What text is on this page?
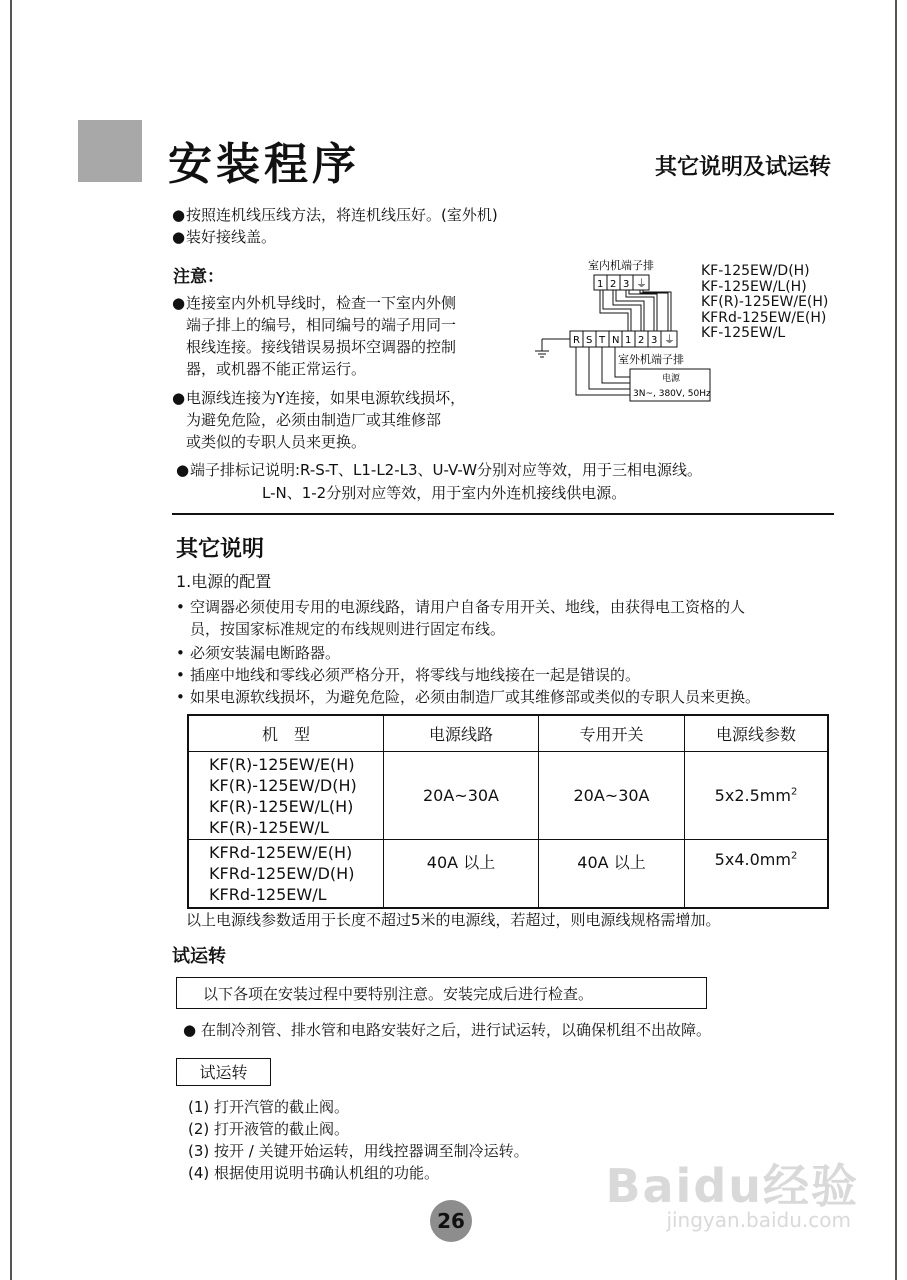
安装程序	其它说明及试运转
●按照连机线压线方法，将连机线压好。(室外机)
●装好接线盖。
注意：
●连接室内外机导线时，检查一下室内外侧
端子排上的编号，相同编号的端子用同一
根线连接。接线错误易损坏空调器的控制
器，或机器不能正常运行。
●电源线连接为Y连接，如果电源软线损坏，
为避免危险，必须由制造厂或其维修部
或类似的专职人员来更换。
室内机端子排
1 2 3 ⏚
R S T N 1 2 3 ⏚
室外机端子排
电源
3N~, 380V, 50Hz
KF-125EW/D(H)
KF-125EW/L(H)
KF(R)-125EW/E(H)
KFRd-125EW/E(H)
KF-125EW/L
●端子排标记说明:R-S-T、L1-L2-L3、U-V-W分别对应等效，用于三相电源线。
L-N、1-2分别对应等效，用于室内外连机接线供电源。
其它说明
1.电源的配置
• 空调器必须使用专用的电源线路，请用户自备专用开关、地线，由获得电工资格的人
员，按国家标准规定的布线规则进行固定布线。
• 必须安装漏电断路器。
• 插座中地线和零线必须严格分开，将零线与地线接在一起是错误的。
• 如果电源软线损坏，为避免危险，必须由制造厂或其维修部或类似的专职人员来更换。
机　型	电源线路	专用开关	电源线参数

KF(R)-125EW/E(H)
KF(R)-125EW/D(H)
KF(R)-125EW/L(H)
KF(R)-125EW/L	20A~30A	20A~30A	$5x2.5mm^2$

KFRd-125EW/E(H)
KFRd-125EW/D(H)
KFRd-125EW/L	40A 以上	40A 以上	$5x4.0mm^2$
以上电源线参数适用于长度不超过5米的电源线，若超过，则电源线规格需增加。
试运转
以下各项在安装过程中要特别注意。安装完成后进行检查。
● 在制冷剂管、排水管和电路安装好之后，进行试运转，以确保机组不出故障。
试运转
(1) 打开汽管的截止阀。
(2) 打开液管的截止阀。
(3) 按开 / 关键开始运转，用线控器调至制冷运转。
(4) 根据使用说明书确认机组的功能。
26
Baidu经验
jingyan.baidu.com
